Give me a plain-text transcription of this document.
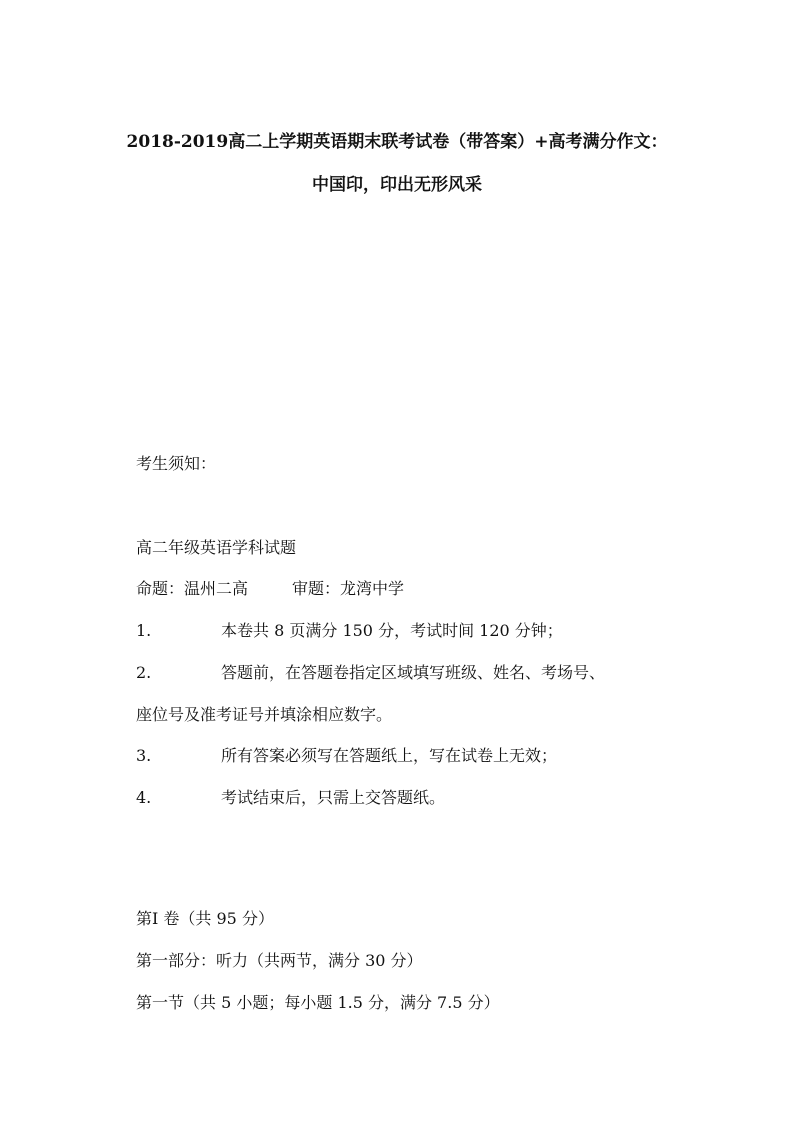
2018-2019高二上学期英语期末联考试卷（带答案）+高考满分作文：
中国印，印出无形风采
考生须知：
高二年级英语学科试题
命题：温州二高	审题：龙湾中学
1.	本卷共 8 页满分 150 分，考试时间 120 分钟；
2.	答题前，在答题卷指定区域填写班级、姓名、考场号、
座位号及准考证号并填涂相应数字。
3.	所有答案必须写在答题纸上，写在试卷上无效；
4.	考试结束后，只需上交答题纸。
第Ⅰ 卷（共 95 分）
第一部分：听力（共两节，满分 30 分）
第一节（共 5 小题；每小题 1.5 分，满分 7.5 分）
